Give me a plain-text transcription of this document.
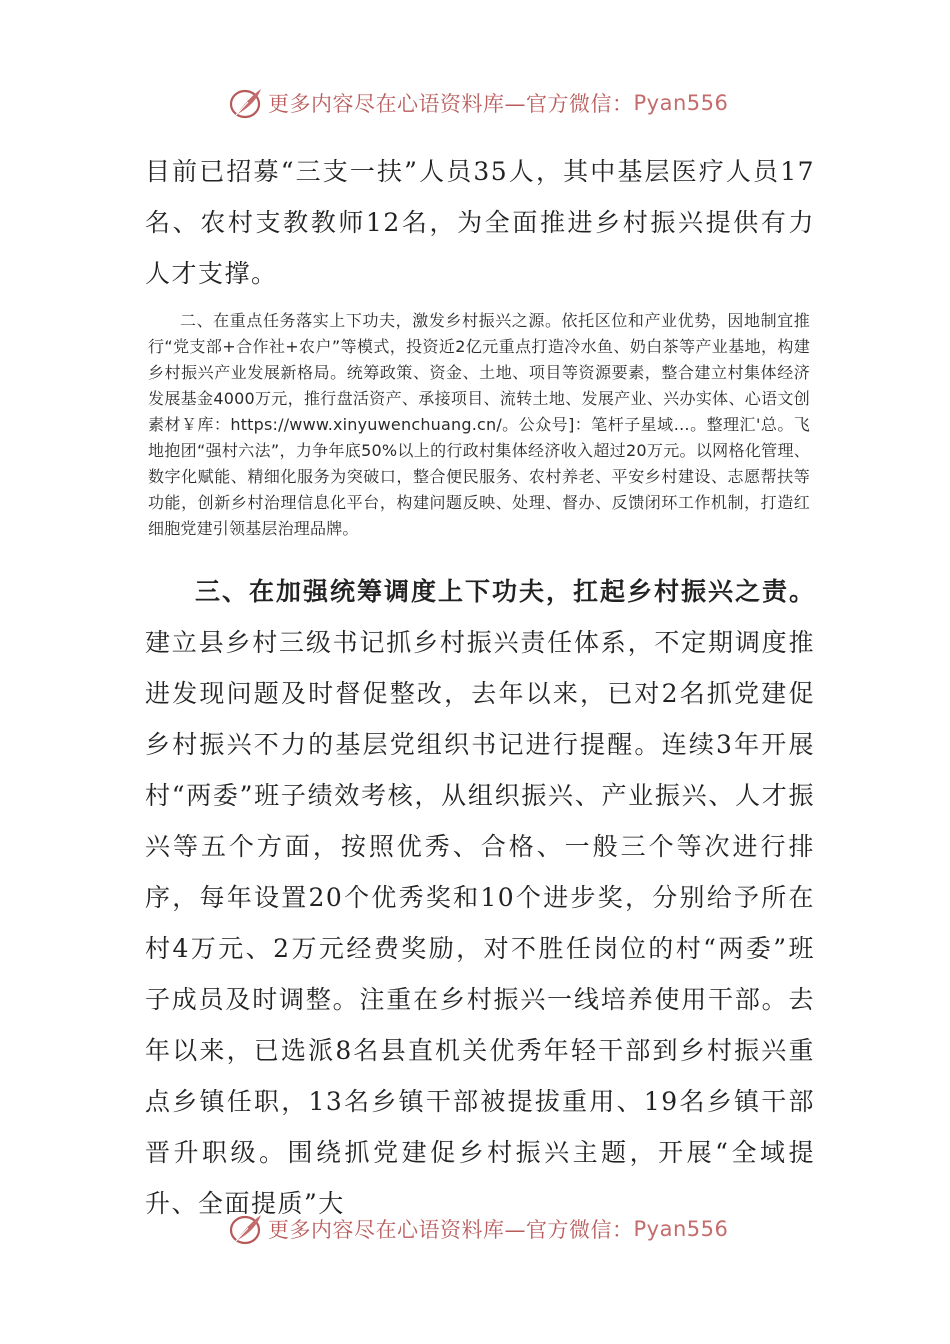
更多内容尽在心语资料库—官方微信： Pyan556

目前已招募“三支一扶”人员35人，其中基层医疗人员17名、农村支教教师12名，为全面推进乡村振兴提供有力人才支撑。

二、在重点任务落实上下功夫，激发乡村振兴之源。依托区位和产业优势，因地制宜推行“党支部+合作社+农户”等模式，投资近2亿元重点打造冷水鱼、奶白茶等产业基地，构建乡村振兴产业发展新格局。统筹政策、资金、土地、项目等资源要素，整合建立村集体经济发展基金4000万元，推行盘活资产、承接项目、流转土地、发展产业、兴办实体、心语文创素材￥库：https://www.xinyuwenchuang.cn/。公众号]：笔杆子星域…。整理汇'总。飞地抱团“强村六法”，力争年底50%以上的行政村集体经济收入超过20万元。以网格化管理、数字化赋能、精细化服务为突破口，整合便民服务、农村养老、平安乡村建设、志愿帮扶等功能，创新乡村治理信息化平台，构建问题反映、处理、督办、反馈闭环工作机制，打造红细胞党建引领基层治理品牌。

三、在加强统筹调度上下功夫，扛起乡村振兴之责。建立县乡村三级书记抓乡村振兴责任体系，不定期调度推进发现问题及时督促整改，去年以来，已对2名抓党建促乡村振兴不力的基层党组织书记进行提醒。连续3年开展村“两委”班子绩效考核，从组织振兴、产业振兴、人才振兴等五个方面，按照优秀、合格、一般三个等次进行排序，每年设置20个优秀奖和10个进步奖，分别给予所在村4万元、2万元经费奖励，对不胜任岗位的村“两委”班子成员及时调整。注重在乡村振兴一线培养使用干部。去年以来，已选派8名县直机关优秀年轻干部到乡村振兴重点乡镇任职，13名乡镇干部被提拔重用、19名乡镇干部晋升职级。围绕抓党建促乡村振兴主题，开展“全域提升、全面提质”大

更多内容尽在心语资料库—官方微信： Pyan556
